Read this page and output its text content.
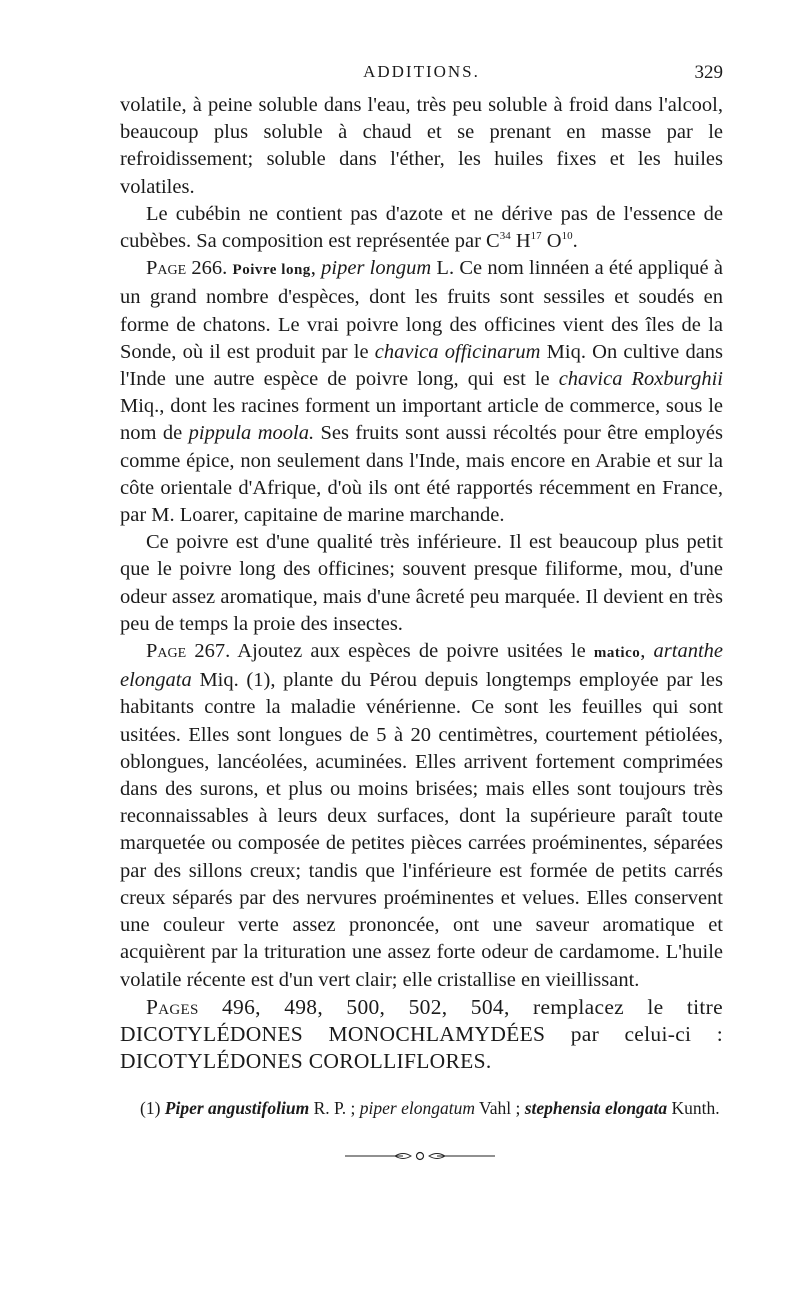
ADDITIONS.	329

volatile, à peine soluble dans l'eau, très peu soluble à froid dans l'alcool, beaucoup plus soluble à chaud et se prenant en masse par le refroidissement; soluble dans l'éther, les huiles fixes et les huiles volatiles.

Le cubébin ne contient pas d'azote et ne dérive pas de l'essence de cubèbes. Sa composition est représentée par $C^{34}$ $H^{17}$ $O^{10}$.

Page 266. Poivre long, piper longum L. Ce nom linnéen a été appliqué à un grand nombre d'espèces, dont les fruits sont sessiles et soudés en forme de chatons. Le vrai poivre long des officines vient des îles de la Sonde, où il est produit par le chavica officinarum Miq. On cultive dans l'Inde une autre espèce de poivre long, qui est le chavica Roxburghii Miq., dont les racines forment un important article de commerce, sous le nom de pippula moola. Ses fruits sont aussi récoltés pour être employés comme épice, non seulement dans l'Inde, mais encore en Arabie et sur la côte orientale d'Afrique, d'où ils ont été rapportés récemment en France, par M. Loarer, capitaine de marine marchande.

Ce poivre est d'une qualité très inférieure. Il est beaucoup plus petit que le poivre long des officines; souvent presque filiforme, mou, d'une odeur assez aromatique, mais d'une âcreté peu marquée. Il devient en très peu de temps la proie des insectes.

Page 267. Ajoutez aux espèces de poivre usitées le matico, artanthe elongata Miq. (1), plante du Pérou depuis longtemps employée par les habitants contre la maladie vénérienne. Ce sont les feuilles qui sont usitées. Elles sont longues de 5 à 20 centimètres, courtement pétiolées, oblongues, lancéolées, acuminées. Elles arrivent fortement comprimées dans des surons, et plus ou moins brisées; mais elles sont toujours très reconnaissables à leurs deux surfaces, dont la supérieure paraît toute marquetée ou composée de petites pièces carrées proéminentes, séparées par des sillons creux; tandis que l'inférieure est formée de petits carrés creux séparés par des nervures proéminentes et velues. Elles conservent une couleur verte assez prononcée, ont une saveur aromatique et acquièrent par la trituration une assez forte odeur de cardamome. L'huile volatile récente est d'un vert clair; elle cristallise en vieillissant.

Pages 496, 498, 500, 502, 504, remplacez le titre DICOTYLÉDONES MONOCHLAMYDÉES par celui-ci : DICOTYLÉDONES COROLLIFLORES.

(1) Piper angustifolium R. P. ; piper elongatum Vahl ; stephensia elongata Kunth.
